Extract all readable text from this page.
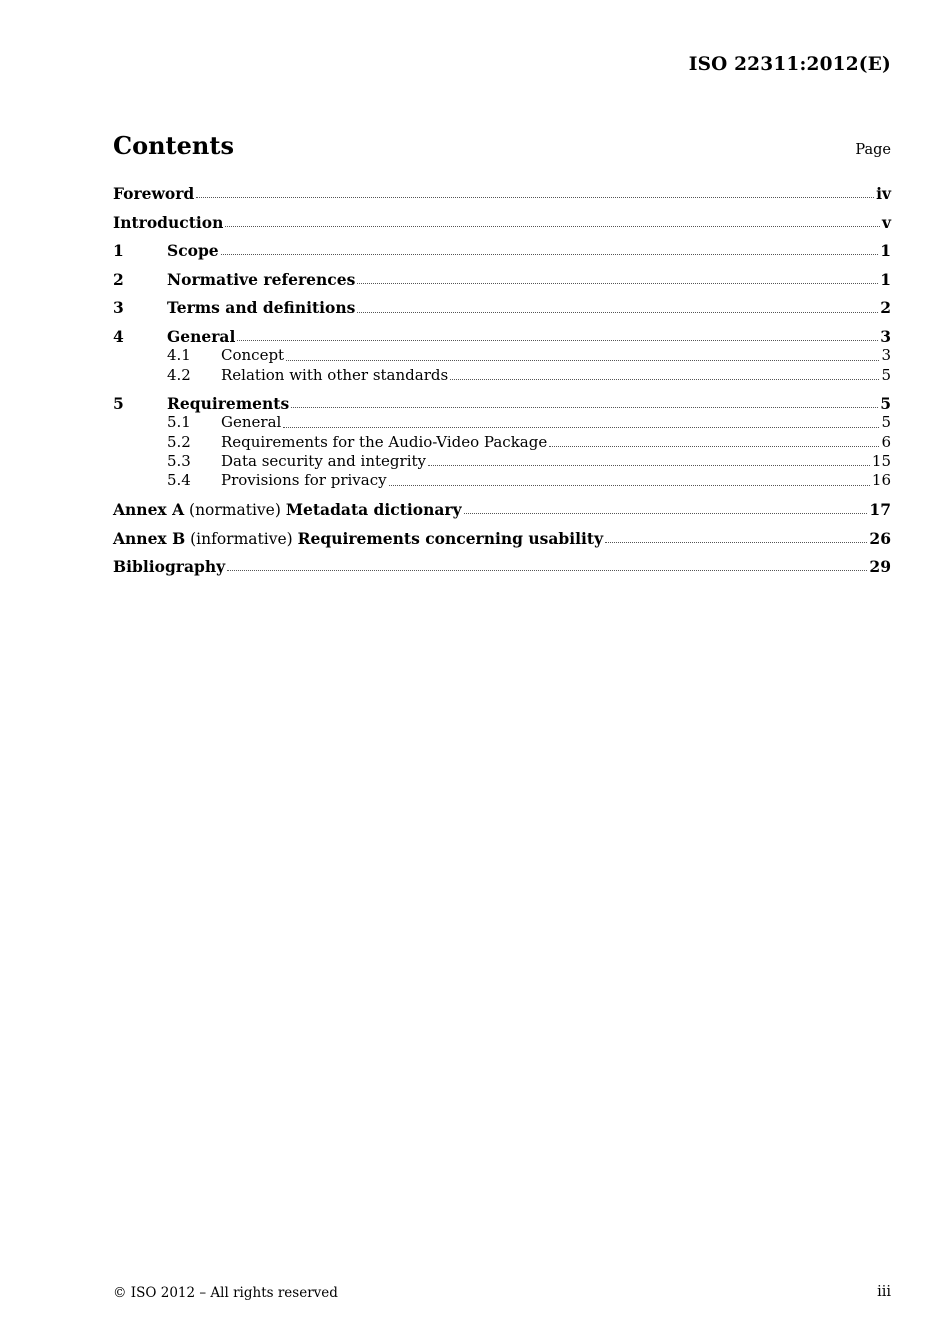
ISO 22311:2012(E)
Contents	Page
Foreword	iv
Introduction	v
1	Scope	1
2	Normative references	1
3	Terms and definitions	2
4	General	3
4.1	Concept	3
4.2	Relation with other standards	5
5	Requirements	5
5.1	General	5
5.2	Requirements for the Audio-Video Package	6
5.3	Data security and integrity	15
5.4	Provisions for privacy	16
Annex A (normative) Metadata dictionary	17
Annex B (informative) Requirements concerning usability	26
Bibliography	29
© ISO 2012 – All rights reserved	iii
